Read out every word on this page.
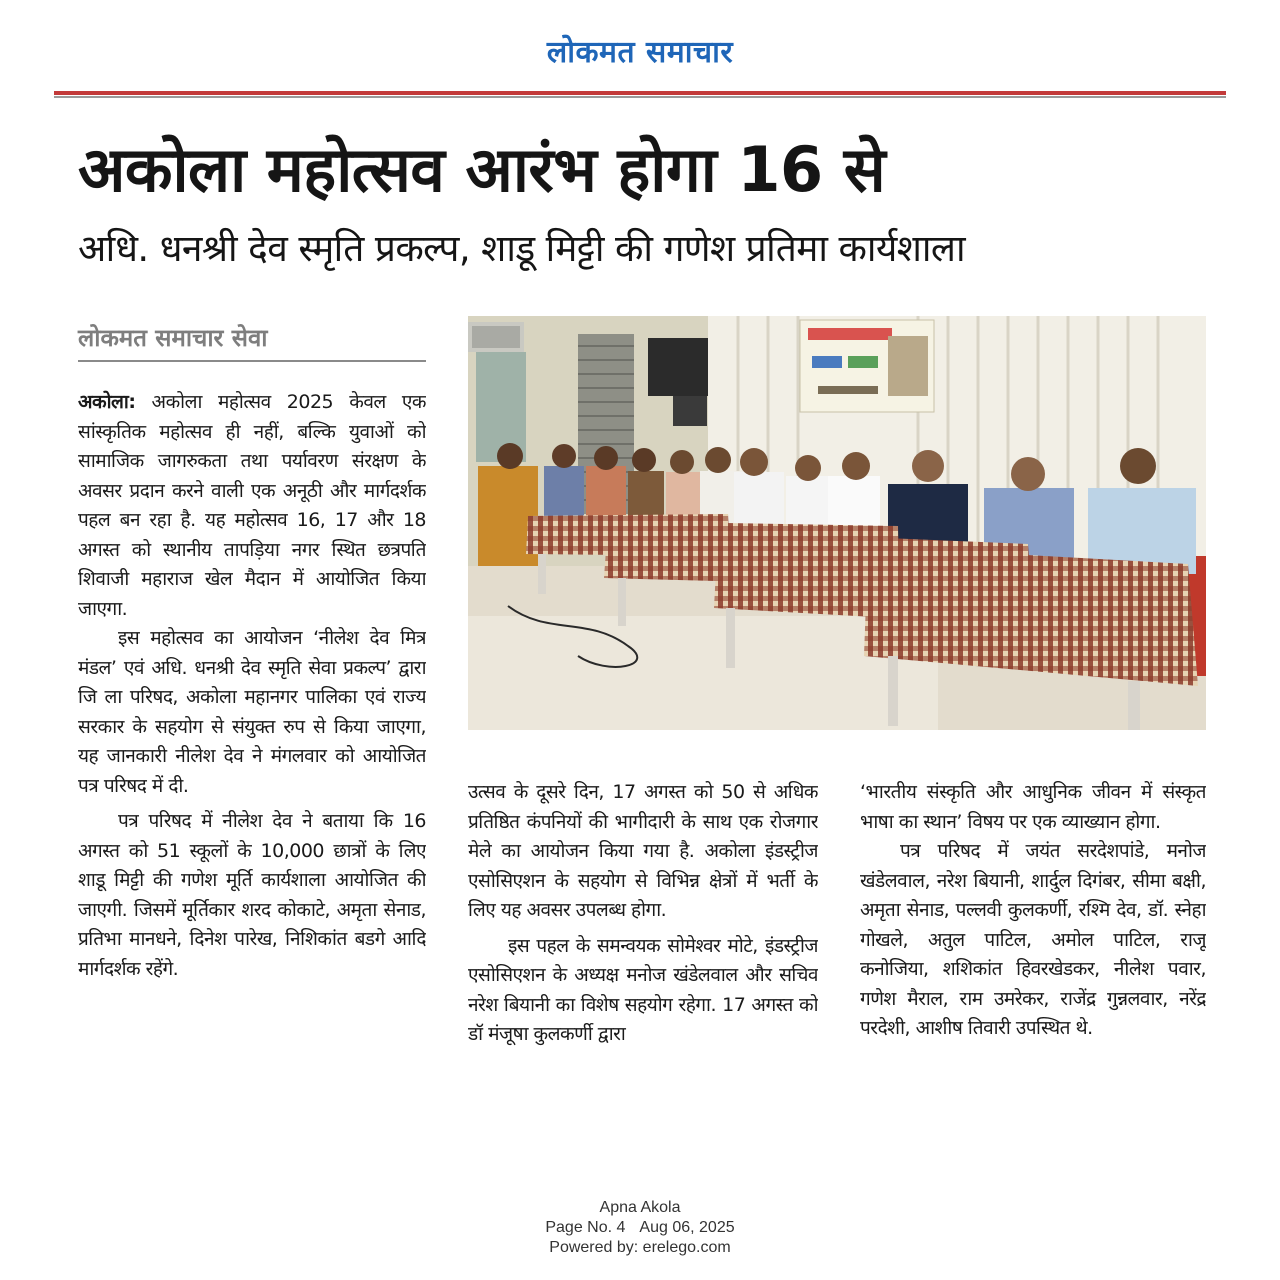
लोकमत समाचार
अकोला महोत्सव आरंभ होगा 16 से
अधि. धनश्री देव स्मृति प्रकल्प, शाडू मिट्टी की गणेश प्रतिमा कार्यशाला
लोकमत समाचार सेवा

अकोला: अकोला महोत्सव 2025 केवल एक सांस्कृतिक महोत्सव ही नहीं, बल्कि युवाओं को सामाजिक जागरुकता तथा पर्यावरण संरक्षण के अवसर प्रदान करने वाली एक अनूठी और मार्गदर्शक पहल बन रहा है. यह महोत्सव 16, 17 और 18 अगस्त को स्थानीय तापड़िया नगर स्थित छत्रपति शिवाजी महाराज खेल मैदान में आयोजित किया जाएगा.

इस महोत्सव का आयोजन ‘नीलेश देव मित्र मंडल’ एवं अधि. धनश्री देव स्मृति सेवा प्रकल्प’ द्वारा जि ला परिषद, अकोला महानगर पालिका एवं राज्य सरकार के सहयोग से संयुक्त रुप से किया जाएगा, यह जानकारी नीलेश देव ने मंगलवार को आयोजित पत्र परिषद में दी.

पत्र परिषद में नीलेश देव ने बताया कि 16 अगस्त को 51 स्कूलों के 10,000 छात्रों के लिए शाडू मिट्टी की गणेश मूर्ति कार्यशाला आयोजित की जाएगी. जिसमें मूर्तिकार शरद कोकाटे, अमृता सेनाड, प्रतिभा मानधने, दिनेश पारेख, निशिकांत बडगे आदि मार्गदर्शक रहेंगे.

उत्सव के दूसरे दिन, 17 अगस्त को 50 से अधिक प्रतिष्ठित कंपनियों की भागीदारी के साथ एक रोजगार मेले का आयोजन किया गया है. अकोला इंडस्ट्रीज एसोसिएशन के सहयोग से विभिन्न क्षेत्रों में भर्ती के लिए यह अवसर उपलब्ध होगा.

इस पहल के समन्वयक सोमेश्वर मोटे, इंडस्ट्रीज एसोसिएशन के अध्यक्ष मनोज खंडेलवाल और सचिव नरेश बियानी का विशेष सहयोग रहेगा. 17 अगस्त को डॉ मंजूषा कुलकर्णी द्वारा

‘भारतीय संस्कृति और आधुनिक जीवन में संस्कृत भाषा का स्थान’ विषय पर एक व्याख्यान होगा.

पत्र परिषद में जयंत सरदेशपांडे, मनोज खंडेलवाल, नरेश बियानी, शार्दुल दिगंबर, सीमा बक्षी, अमृता सेनाड, पल्लवी कुलकर्णी, रश्मि देव, डॉ. स्नेहा गोखले, अतुल पाटिल, अमोल पाटिल, राजू कनोजिया, शशिकांत हिवरखेडकर, नीलेश पवार, गणेश मैराल, राम उमरेकर, राजेंद्र गुन्नलवार, नरेंद्र परदेशी, आशीष तिवारी उपस्थित थे.

Apna Akola
Page No. 4 Aug 06, 2025
Powered by: erelego.com
